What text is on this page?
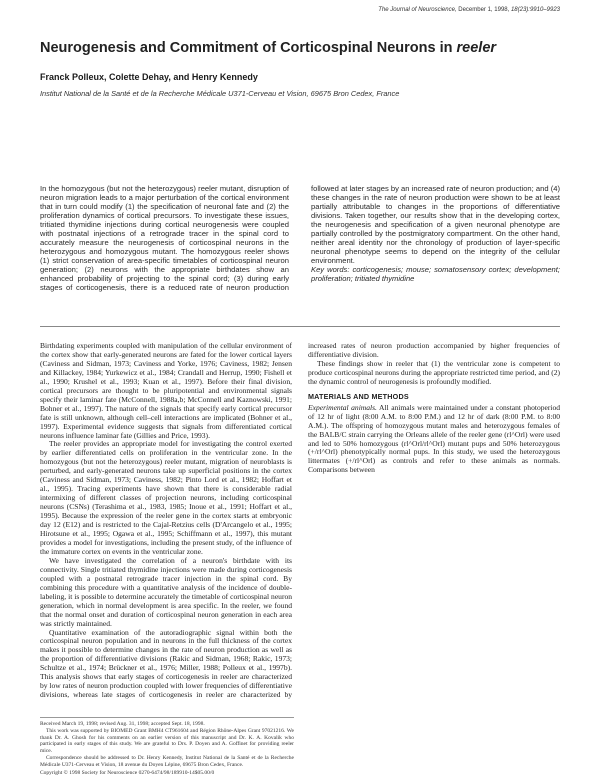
The Journal of Neuroscience, December 1, 1998, 18(23):9910–9923
Neurogenesis and Commitment of Corticospinal Neurons in reeler
Franck Polleux, Colette Dehay, and Henry Kennedy
Institut National de la Santé et de la Recherche Médicale U371-Cerveau et Vision, 69675 Bron Cedex, France

In the homozygous (but not the heterozygous) reeler mutant, disruption of neuron migration leads to a major perturbation of the cortical environment that in turn could modify (1) the specification of neuronal fate and (2) the proliferation dynamics of cortical precursors. To investigate these issues, tritiated thymidine injections during cortical neurogenesis were coupled with postnatal injections of a retrograde tracer in the spinal cord to accurately measure the neurogenesis of corticospinal neurons in the heterozygous and homozygous mutant. The homozygous reeler shows (1) strict conservation of area-specific timetables of corticospinal neuron generation; (2) neurons with the appropriate birthdates show an enhanced probability of projecting to the spinal cord; (3) during early stages of corticogenesis, there is a reduced rate of neuron production followed at later stages by an increased rate of neuron production; and (4) these changes in the rate of neuron production were shown to be at least partially attributable to changes in the proportions of differentiative divisions. Taken together, our results show that in the developing cortex, the neurogenesis and specification of a given neuronal phenotype are partially controlled by the postmigratory compartment. On the other hand, neither areal identity nor the chronology of production of layer-specific neuronal phenotype seems to depend on the integrity of the cellular environment.

Key words: corticogenesis; mouse; somatosensory cortex; development; proliferation; tritiated thymidine

Birthdating experiments coupled with manipulation of the cellular environment of the cortex show that early-generated neurons are fated for the lower cortical layers (Caviness and Sidman, 1973; Caviness and Yorke, 1976; Caviness, 1982; Jensen and Killackey, 1984; Yurkewicz et al., 1984; Crandall and Herrup, 1990; Fishell et al., 1990; Krushel et al., 1993; Kuan et al., 1997). Before their final division, cortical precursors are thought to be pluripotential and environmental signals specify their laminar fate (McConnell, 1988a,b; McConnell and Kaznowski, 1991; Bohner et al., 1997). The nature of the signals that specify early cortical precursor fate is still unknown, although cell–cell interactions are implicated (Bohner et al., 1997). Experimental evidence suggests that signals from differentiated cortical neurons influence laminar fate (Gillies and Price, 1993).

The reeler provides an appropriate model for investigating the control exerted by earlier differentiated cells on proliferation in the ventricular zone. In the homozygous (but not the heterozygous) reeler mutant, migration of neuroblasts is perturbed, and early-generated neurons take up superficial positions in the cortex (Caviness and Sidman, 1973; Caviness, 1982; Pinto Lord et al., 1982; Hoffart et al., 1995). Tracing experiments have shown that there is considerable radial intermixing of different classes of projection neurons, including corticospinal neurons (CSNs) (Terashima et al., 1983, 1985; Inoue et al., 1991; Hoffart et al., 1995). Because the expression of the reeler gene in the cortex starts at embryonic day 12 (E12) and is restricted to the Cajal-Retzius cells (D'Arcangelo et al., 1995; Hirotsune et al., 1995; Ogawa et al., 1995; Schiffmann et al., 1997), this mutant provides a model for investigations, including the present study, of the influence of the immature cortex on events in the ventricular zone.

We have investigated the correlation of a neuron's birthdate with its connectivity. Single tritiated thymidine injections were made during corticogenesis coupled with a postnatal retrograde tracer injection in the spinal cord. By combining this procedure with a quantitative analysis of the incidence of double-labeling, it is possible to determine accurately the timetable of corticospinal neuron generation, which in normal development is area specific. In the reeler, we found that the normal onset and duration of corticospinal neuron generation in each area was strictly maintained.

Quantitative examination of the autoradiographic signal within both the corticospinal neuron population and in neurons in the full thickness of the cortex makes it possible to determine changes in the rate of neuron production as well as the proportion of differentiative divisions (Rakic and Sidman, 1968; Rakic, 1973; Schultze et al., 1974; Brückner et al., 1976; Miller, 1988; Polleux et al., 1997b). This analysis shows that early stages of corticogenesis in reeler are characterized by low rates of neuron production coupled with lower frequencies of differentiative divisions, whereas late stages of corticogenesis in reeler are characterized by increased rates of neuron production accompanied by higher frequencies of differentiative division.

These findings show in reeler that (1) the ventricular zone is competent to produce corticospinal neurons during the appropriate restricted time period, and (2) the dynamic control of neurogenesis is profoundly modified.

MATERIALS AND METHODS

Experimental animals. All animals were maintained under a constant photoperiod of 12 hr of light (8:00 A.M. to 8:00 P.M.) and 12 hr of dark (8:00 P.M. to 8:00 A.M.). The offspring of homozygous mutant males and heterozygous females of the BALB/C strain carrying the Orleans allele of the reeler gene (rl^Orl) were used and led to 50% homozygous (rl^Orl/rl^Orl) mutant pups and 50% heterozygous (+/rl^Orl) phenotypically normal pups. In this study, we used the heterozygous littermates (+/rl^Orl) as controls and refer to these animals as normals. Comparisons between

Received March 19, 1998; revised Aug. 31, 1998; accepted Sept. 18, 1998.

This work was supported by BIOMED Grant BMH4 CT961604 and Région Rhône-Alpes Grant 97021216. We thank Dr. A. Ghosh for his comments on an earlier version of this manuscript and Dr. K. A. Kovalik who participated in early stages of this study. We are grateful to Drs. P. Doyen and A. Goffinet for providing reeler mice.

Correspondence should be addressed to Dr. Henry Kennedy, Institut National de la Santé et de la Recherche Médicale U371-Cerveau et Vision, 18 avenue du Doyen Lépine, 69675 Bron Cedex, France.

Copyright © 1998 Society for Neuroscience 0270-6474/98/189910-14$05.00/0
